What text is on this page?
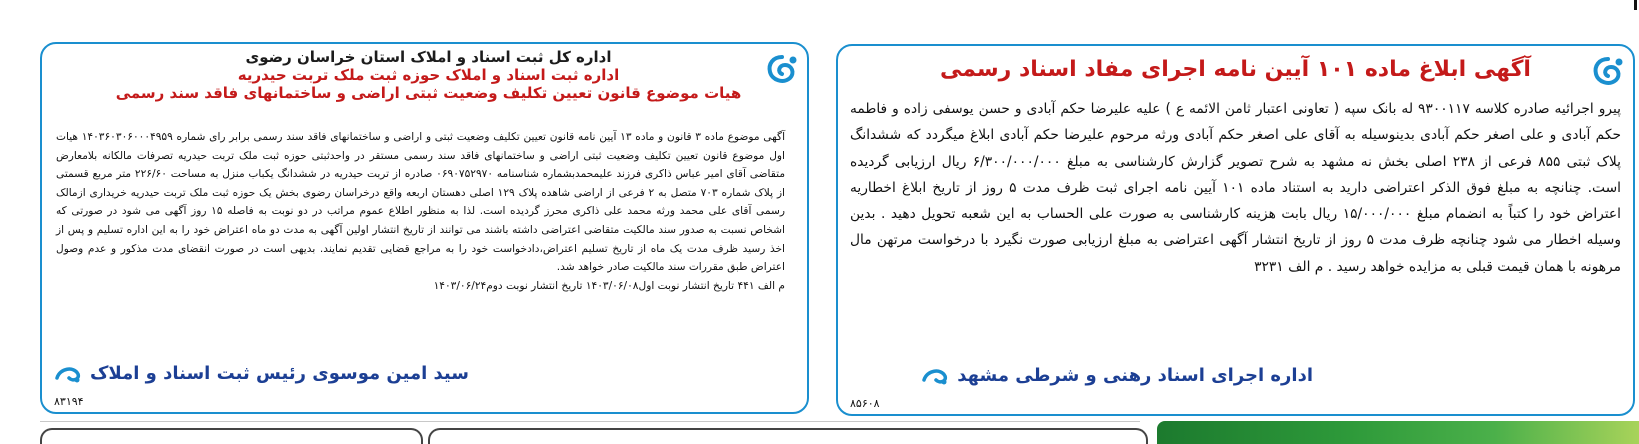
آگهی ابلاغ ماده ۱۰۱ آیین نامه اجرای مفاد اسناد رسمی

پیرو اجرائیه صادره کلاسه ۹۳۰۰۱۱۷ له بانک سپه ( تعاونی اعتبار ثامن الائمه ع ) علیه علیرضا حکم آبادی و حسن یوسفی زاده و فاطمه حکم آبادی و علی اصغر حکم آبادی بدینوسیله به آقای علی اصغر حکم آبادی ورثه مرحوم علیرضا حکم آبادی ابلاغ میگردد که ششدانگ پلاک ثبتی ۸۵۵ فرعی از ۲۳۸ اصلی بخش نه مشهد به شرح تصویر گزارش کارشناسی به مبلغ ۶/۳۰۰/۰۰۰/۰۰۰ ریال ارزیابی گردیده است. چنانچه به مبلغ فوق الذکر اعتراضی دارید به استناد ماده ۱۰۱ آیین نامه اجرای ثبت ظرف مدت ۵ روز از تاریخ ابلاغ اخطاریه اعتراض خود را کتباً به انضمام مبلغ ۱۵/۰۰۰/۰۰۰ ریال بابت هزینه کارشناسی به صورت علی الحساب به این شعبه تحویل دهید . بدین وسیله اخطار می شود چنانچه ظرف مدت ۵ روز از تاریخ انتشار آگهی اعتراضی به مبلغ ارزیابی صورت نگیرد با درخواست مرتهن مال مرهونه با همان قیمت قبلی به مزایده خواهد رسید . م الف ۳۲۳۱

اداره اجرای اسناد رهنی و شرطی مشهد
۸۵۶۰۸
اداره کل ثبت اسناد و املاک استان خراسان رضوی
اداره ثبت اسناد و املاک حوزه ثبت ملک تربت حیدریه
هیات موضوع قانون تعیین تکلیف وضعیت ثبتی اراضی و ساختمانهای فاقد سند رسمی

آگهی موضوع ماده ۳ قانون و ماده ۱۳ آیین نامه قانون تعیین تکلیف وضعیت ثبتی و اراضی و ساختمانهای فاقد سند رسمی برابر رای شماره ۱۴۰۳۶۰۳۰۶۰۰۰۴۹۵۹ هیات اول موضوع قانون تعیین تکلیف وضعیت ثبتی اراضی و ساختمانهای فاقد سند رسمی مستقر در واحدثبتی حوزه ثبت ملک تربت حیدریه تصرفات مالکانه بلامعارض متقاضی آقای امیر عباس ذاکری فرزند علیمحمدبشماره شناسنامه ۰۶۹۰۷۵۲۹۷۰ صادره از تربت حیدریه در ششدانگ یکباب منزل به مساحت ۲۲۶/۶۰ متر مربع قسمتی از پلاک شماره ۷۰۳ متصل به ۲ فرعی از اراضی شاهده پلاک ۱۲۹ اصلی دهستان اربعه واقع درخراسان رضوی بخش یک حوزه ثبت ملک تربت حیدریه خریداری ازمالک رسمی آقای علی محمد ورثه محمد علی ذاکری محرز گردیده است. لذا به منظور اطلاع عموم مراتب در دو نوبت به فاصله ۱۵ روز آگهی می شود در صورتی که اشخاص نسبت به صدور سند مالکیت متقاضی اعتراضی داشته باشند می توانند از تاریخ انتشار اولین آگهی به مدت دو ماه اعتراض خود را به این اداره تسلیم و پس از اخذ رسید ظرف مدت یک ماه از تاریخ تسلیم اعتراض،دادخواست خود را به مراجع قضایی تقدیم نمایند. بدیهی است در صورت انقضای مدت مذکور و عدم وصول اعتراض طبق مقررات سند مالکیت صادر خواهد شد.

م الف ۴۴۱ تاریخ انتشار نوبت اول۱۴۰۳/۰۶/۰۸ تاریخ انتشار نوبت دوم۱۴۰۳/۰۶/۲۴

سید امین موسوی رئیس ثبت اسناد و املاک
۸۳۱۹۴
